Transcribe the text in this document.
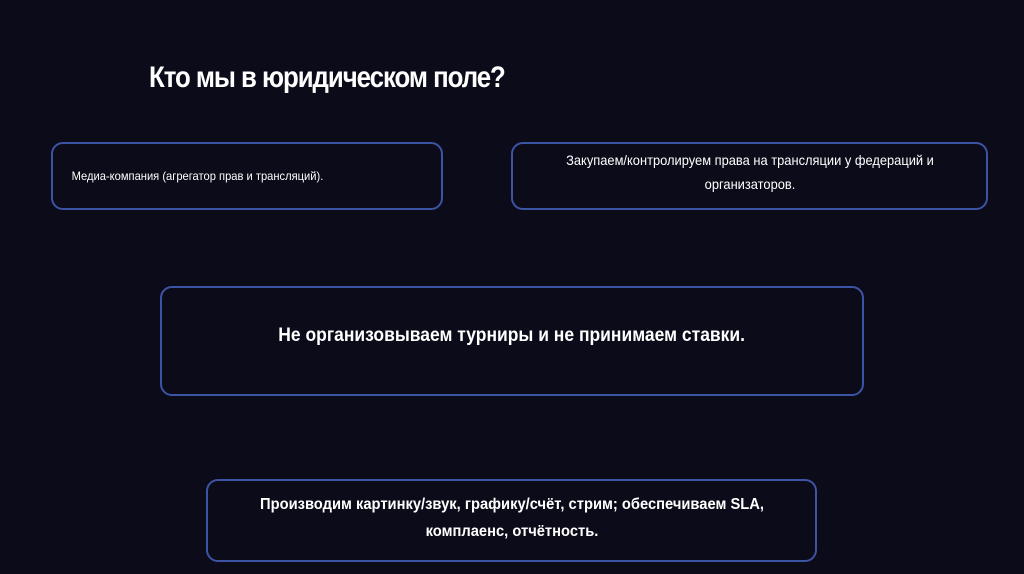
Кто мы в юридическом поле?

Медиа-компания (агрегатор прав и трансляций).

Закупаем/контролируем права на трансляции у федераций и организаторов.

Не организовываем турниры и не принимаем ставки.

Производим картинку/звук, графику/счёт, стрим; обеспечиваем SLA, комплаенс, отчётность.
